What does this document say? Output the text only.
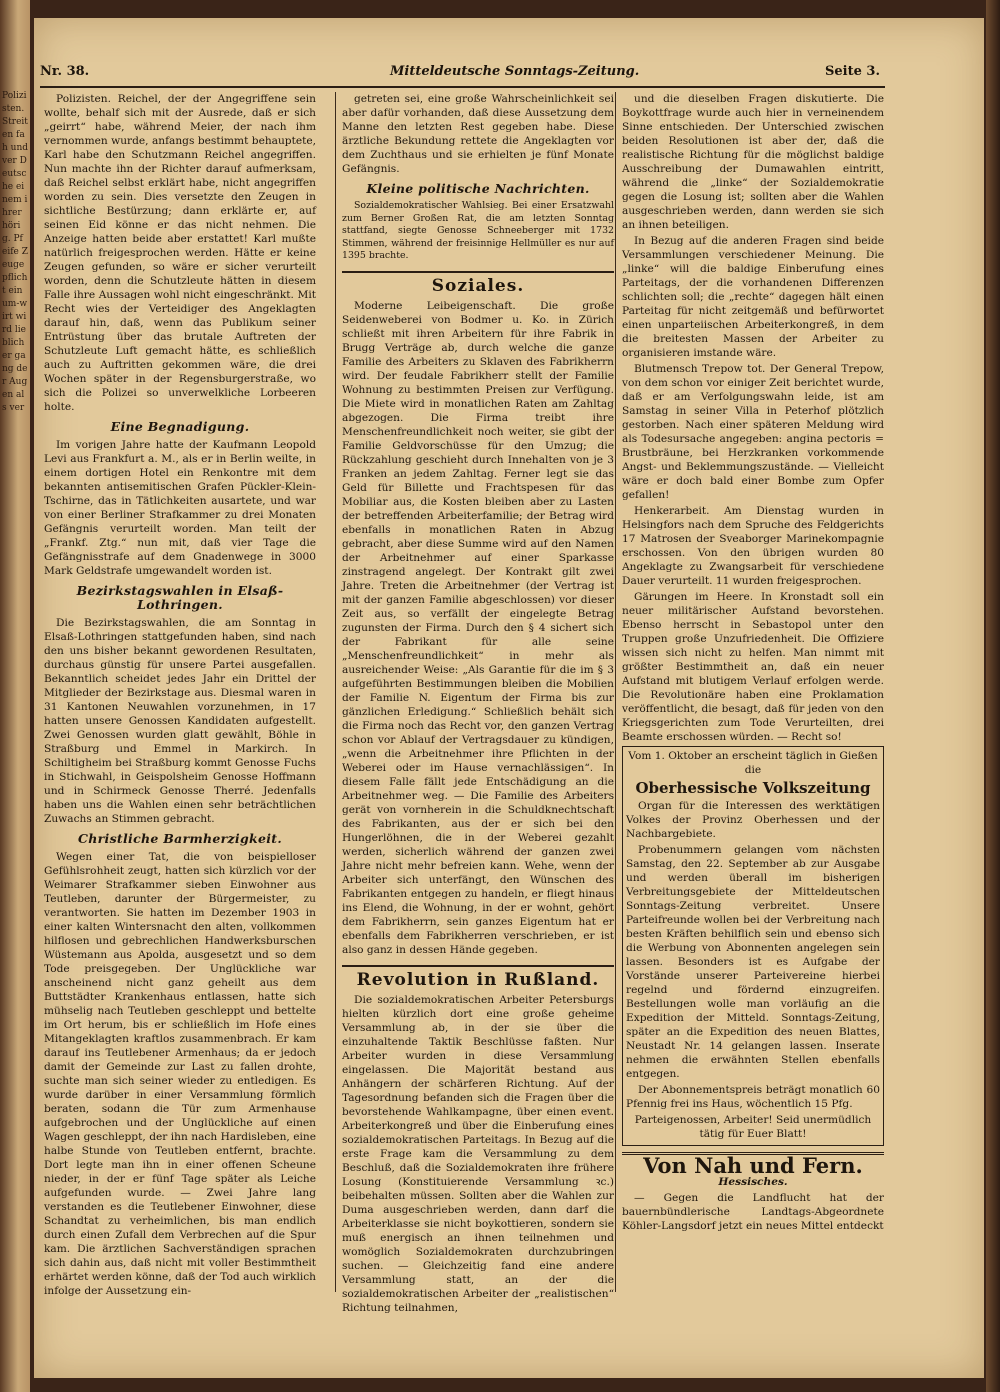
Polizisten. Streiten fah und ver Deutsche einem ihrer hörig. Pfeife Zeuge pflicht ein um-wirt wird lieblicher gang der Augen als ver
Nr. 38.	Mitteldeutsche Sonntags-Zeitung.	Seite 3.

Polizisten. Reichel, der der Angegriffene sein wollte, behalf sich mit der Ausrede, daß er sich „geirrt“ habe, während Meier, der nach ihm vernommen wurde, anfangs bestimmt behauptete, Karl habe den Schutzmann Reichel angegriffen. Nun machte ihn der Richter darauf aufmerksam, daß Reichel selbst erklärt habe, nicht angegriffen worden zu sein. Dies versetzte den Zeugen in sichtliche Bestürzung; dann erklärte er, auf seinen Eid könne er das nicht nehmen. Die Anzeige hatten beide aber erstattet! Karl mußte natürlich freigesprochen werden. Hätte er keine Zeugen gefunden, so wäre er sicher verurteilt worden, denn die Schutzleute hätten in diesem Falle ihre Aussagen wohl nicht eingeschränkt. Mit Recht wies der Verteidiger des Angeklagten darauf hin, daß, wenn das Publikum seiner Entrüstung über das brutale Auftreten der Schutzleute Luft gemacht hätte, es schließlich auch zu Auftritten gekommen wäre, die drei Wochen später in der Regensburgerstraße, wo sich die Polizei so unverwelkliche Lorbeeren holte.

Eine Begnadigung.

Im vorigen Jahre hatte der Kaufmann Leopold Levi aus Frankfurt a. M., als er in Berlin weilte, in einem dortigen Hotel ein Renkontre mit dem bekannten antisemitischen Grafen Pückler-Klein-Tschirne, das in Tätlichkeiten ausartete, und war von einer Berliner Strafkammer zu drei Monaten Gefängnis verurteilt worden. Man teilt der „Frankf. Ztg.“ nun mit, daß vier Tage die Gefängnisstrafe auf dem Gnadenwege in 3000 Mark Geldstrafe umgewandelt worden ist.

Bezirkstagswahlen in Elsaß-Lothringen.

Die Bezirkstagswahlen, die am Sonntag in Elsaß-Lothringen stattgefunden haben, sind nach den uns bisher bekannt gewordenen Resultaten, durchaus günstig für unsere Partei ausgefallen. Bekanntlich scheidet jedes Jahr ein Drittel der Mitglieder der Bezirkstage aus. Diesmal waren in 31 Kantonen Neuwahlen vorzunehmen, in 17 hatten unsere Genossen Kandidaten aufgestellt. Zwei Genossen wurden glatt gewählt, Böhle in Straßburg und Emmel in Markirch. In Schiltigheim bei Straßburg kommt Genosse Fuchs in Stichwahl, in Geispolsheim Genosse Hoffmann und in Schirmeck Genosse Therré. Jedenfalls haben uns die Wahlen einen sehr beträchtlichen Zuwachs an Stimmen gebracht.

Christliche Barmherzigkeit.

Wegen einer Tat, die von beispielloser Gefühlsrohheit zeugt, hatten sich kürzlich vor der Weimarer Strafkammer sieben Einwohner aus Teutleben, darunter der Bürgermeister, zu verantworten. Sie hatten im Dezember 1903 in einer kalten Wintersnacht den alten, vollkommen hilflosen und gebrechlichen Handwerksburschen Wüstemann aus Apolda, ausgesetzt und so dem Tode preisgegeben. Der Unglückliche war anscheinend nicht ganz geheilt aus dem Buttstädter Krankenhaus entlassen, hatte sich mühselig nach Teutleben geschleppt und bettelte im Ort herum, bis er schließlich im Hofe eines Mitangeklagten kraftlos zusammenbrach. Er kam darauf ins Teutlebener Armenhaus; da er jedoch damit der Gemeinde zur Last zu fallen drohte, suchte man sich seiner wieder zu entledigen. Es wurde darüber in einer Versammlung förmlich beraten, sodann die Tür zum Armenhause aufgebrochen und der Unglückliche auf einen Wagen geschleppt, der ihn nach Hardisleben, eine halbe Stunde von Teutleben entfernt, brachte. Dort legte man ihn in einer offenen Scheune nieder, in der er fünf Tage später als Leiche aufgefunden wurde. — Zwei Jahre lang verstanden es die Teutlebener Einwohner, diese Schandtat zu verheimlichen, bis man endlich durch einen Zufall dem Verbrechen auf die Spur kam. Die ärztlichen Sachverständigen sprachen sich dahin aus, daß nicht mit voller Bestimmtheit erhärtet werden könne, daß der Tod auch wirklich infolge der Aussetzung ein-

getreten sei, eine große Wahrscheinlichkeit sei aber dafür vorhanden, daß diese Aussetzung dem Manne den letzten Rest gegeben habe. Diese ärztliche Bekundung rettete die Angeklagten vor dem Zuchthaus und sie erhielten je fünf Monate Gefängnis.

Kleine politische Nachrichten.

Sozialdemokratischer Wahlsieg. Bei einer Ersatzwahl zum Berner Großen Rat, die am letzten Sonntag stattfand, siegte Genosse Schneeberger mit 1732 Stimmen, während der freisinnige Hellmüller es nur auf 1395 brachte.

Soziales.

Moderne Leibeigenschaft. Die große Seidenweberei von Bodmer u. Ko. in Zürich schließt mit ihren Arbeitern für ihre Fabrik in Brugg Verträge ab, durch welche die ganze Familie des Arbeiters zu Sklaven des Fabrikherrn wird. Der feudale Fabrikherr stellt der Familie Wohnung zu bestimmten Preisen zur Verfügung. Die Miete wird in monatlichen Raten am Zahltag abgezogen. Die Firma treibt ihre Menschenfreundlichkeit noch weiter, sie gibt der Familie Geldvorschüsse für den Umzug; die Rückzahlung geschieht durch Innehalten von je 3 Franken an jedem Zahltag. Ferner legt sie das Geld für Billette und Frachtspesen für das Mobiliar aus, die Kosten bleiben aber zu Lasten der betreffenden Arbeiterfamilie; der Betrag wird ebenfalls in monatlichen Raten in Abzug gebracht, aber diese Summe wird auf den Namen der Arbeitnehmer auf einer Sparkasse zinstragend angelegt. Der Kontrakt gilt zwei Jahre. Treten die Arbeitnehmer (der Vertrag ist mit der ganzen Familie abgeschlossen) vor dieser Zeit aus, so verfällt der eingelegte Betrag zugunsten der Firma. Durch den § 4 sichert sich der Fabrikant für alle seine „Menschenfreundlichkeit“ in mehr als ausreichender Weise: „Als Garantie für die im § 3 aufgeführten Bestimmungen bleiben die Mobilien der Familie N. Eigentum der Firma bis zur gänzlichen Erledigung.“ Schließlich behält sich die Firma noch das Recht vor, den ganzen Vertrag schon vor Ablauf der Vertragsdauer zu kündigen, „wenn die Arbeitnehmer ihre Pflichten in der Weberei oder im Hause vernachlässigen“. In diesem Falle fällt jede Entschädigung an die Arbeitnehmer weg. — Die Familie des Arbeiters gerät von vornherein in die Schuldknechtschaft des Fabrikanten, aus der er sich bei den Hungerlöhnen, die in der Weberei gezahlt werden, sicherlich während der ganzen zwei Jahre nicht mehr befreien kann. Wehe, wenn der Arbeiter sich unterfängt, den Wünschen des Fabrikanten entgegen zu handeln, er fliegt hinaus ins Elend, die Wohnung, in der er wohnt, gehört dem Fabrikherrn, sein ganzes Eigentum hat er ebenfalls dem Fabrikherren verschrieben, er ist also ganz in dessen Hände gegeben.

Revolution in Rußland.

Die sozialdemokratischen Arbeiter Petersburgs hielten kürzlich dort eine große geheime Versammlung ab, in der sie über die einzuhaltende Taktik Beschlüsse faßten. Nur Arbeiter wurden in diese Versammlung eingelassen. Die Majorität bestand aus Anhängern der schärferen Richtung. Auf der Tagesordnung befanden sich die Fragen über die bevorstehende Wahlkampagne, über einen event. Arbeiterkongreß und über die Einberufung eines sozialdemokratischen Parteitags. In Bezug auf die erste Frage kam die Versammlung zu dem Beschluß, daß die Sozialdemokraten ihre frühere Losung (Konstituierende Versammlung ꝛc.) beibehalten müssen. Sollten aber die Wahlen zur Duma ausgeschrieben werden, dann darf die Arbeiterklasse sie nicht boykottieren, sondern sie muß energisch an ihnen teilnehmen und womöglich Sozialdemokraten durchzubringen suchen. — Gleichzeitig fand eine andere Versammlung statt, an der die sozialdemokratischen Arbeiter der „realistischen“ Richtung teilnahmen,

und die dieselben Fragen diskutierte. Die Boykottfrage wurde auch hier in verneinendem Sinne entschieden. Der Unterschied zwischen beiden Resolutionen ist aber der, daß die realistische Richtung für die möglichst baldige Ausschreibung der Dumawahlen eintritt, während die „linke“ der Sozialdemokratie gegen die Losung ist; sollten aber die Wahlen ausgeschrieben werden, dann werden sie sich an ihnen beteiligen.

In Bezug auf die anderen Fragen sind beide Versammlungen verschiedener Meinung. Die „linke“ will die baldige Einberufung eines Parteitags, der die vorhandenen Differenzen schlichten soll; die „rechte“ dagegen hält einen Parteitag für nicht zeitgemäß und befürwortet einen unparteiischen Arbeiterkongreß, in dem die breitesten Massen der Arbeiter zu organisieren imstande wäre.

Blutmensch Trepow tot. Der General Trepow, von dem schon vor einiger Zeit berichtet wurde, daß er am Verfolgungswahn leide, ist am Samstag in seiner Villa in Peterhof plötzlich gestorben. Nach einer späteren Meldung wird als Todesursache angegeben: angina pectoris = Brustbräune, bei Herzkranken vorkommende Angst- und Beklemmungszustände. — Vielleicht wäre er doch bald einer Bombe zum Opfer gefallen!

Henkerarbeit. Am Dienstag wurden in Helsingfors nach dem Spruche des Feldgerichts 17 Matrosen der Sveaborger Marinekompagnie erschossen. Von den übrigen wurden 80 Angeklagte zu Zwangsarbeit für verschiedene Dauer verurteilt. 11 wurden freigesprochen.

Gärungen im Heere. In Kronstadt soll ein neuer militärischer Aufstand bevorstehen. Ebenso herrscht in Sebastopol unter den Truppen große Unzufriedenheit. Die Offiziere wissen sich nicht zu helfen. Man nimmt mit größter Bestimmtheit an, daß ein neuer Aufstand mit blutigem Verlauf erfolgen werde. Die Revolutionäre haben eine Proklamation veröffentlicht, die besagt, daß für jeden von den Kriegsgerichten zum Tode Verurteilten, drei Beamte erschossen würden. — Recht so!

Vom 1. Oktober an erscheint täglich in Gießen die

Oberhessische Volkszeitung

Organ für die Interessen des werktätigen Volkes der Provinz Oberhessen und der Nachbargebiete.

Probenummern gelangen vom nächsten Samstag, den 22. September ab zur Ausgabe und werden überall im bisherigen Verbreitungsgebiete der Mitteldeutschen Sonntags-Zeitung verbreitet. Unsere Parteifreunde wollen bei der Verbreitung nach besten Kräften behilflich sein und ebenso sich die Werbung von Abonnenten angelegen sein lassen. Besonders ist es Aufgabe der Vorstände unserer Parteivereine hierbei regelnd und fördernd einzugreifen. Bestellungen wolle man vorläufig an die Expedition der Mitteld. Sonntags-Zeitung, später an die Expedition des neuen Blattes, Neustadt Nr. 14 gelangen lassen. Inserate nehmen die erwähnten Stellen ebenfalls entgegen.

Der Abonnementspreis beträgt monatlich 60 Pfennig frei ins Haus, wöchentlich 15 Pfg.

Parteigenossen, Arbeiter! Seid unermüdlich tätig für Euer Blatt!

Von Nah und Fern.

Hessisches.

— Gegen die Landflucht hat der bauernbündlerische Landtags-Abgeordnete Köhler-Langsdorf jetzt ein neues Mittel entdeckt
